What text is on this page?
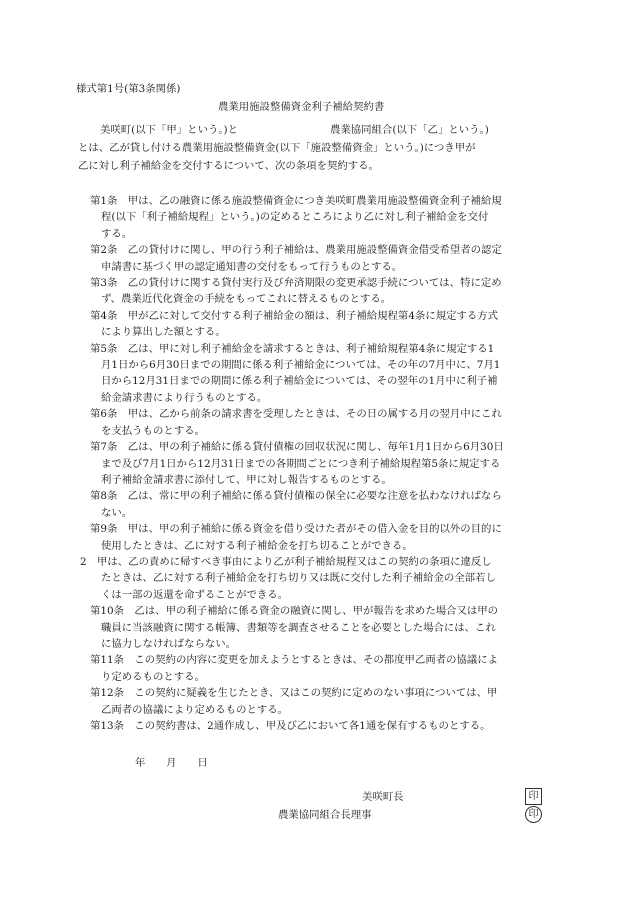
様式第1号(第3条関係)
農業用施設整備資金利子補給契約書
美咲町(以下「甲」という。)と	農業協同組合(以下「乙」という。)
とは、乙が貸し付ける農業用施設整備資金(以下「施設整備資金」という。)につき甲が
乙に対し利子補給金を交付するについて、次の条項を契約する。
第1条　甲は、乙の融資に係る施設整備資金につき美咲町農業用施設整備資金利子補給規
程(以下「利子補給規程」という。)の定めるところにより乙に対し利子補給金を交付
する。
第2条　乙の貸付けに関し、甲の行う利子補給は、農業用施設整備資金借受希望者の認定
申請書に基づく甲の認定通知書の交付をもって行うものとする。
第3条　乙の貸付けに関する貸付実行及び弁済期限の変更承認手続については、特に定め
ず、農業近代化資金の手続をもってこれに替えるものとする。
第4条　甲が乙に対して交付する利子補給金の額は、利子補給規程第4条に規定する方式
により算出した額とする。
第5条　乙は、甲に対し利子補給金を請求するときは、利子補給規程第4条に規定する1
月1日から6月30日までの期間に係る利子補給金については、その年の7月中に、7月1
日から12月31日までの期間に係る利子補給金については、その翌年の1月中に利子補
給金請求書により行うものとする。
第6条　甲は、乙から前条の請求書を受理したときは、その日の属する月の翌月中にこれ
を支払うものとする。
第7条　乙は、甲の利子補給に係る貸付債権の回収状況に関し、毎年1月1日から6月30日
まで及び7月1日から12月31日までの各期間ごとにつき利子補給規程第5条に規定する
利子補給金請求書に添付して、甲に対し報告するものとする。
第8条　乙は、常に甲の利子補給に係る貸付債権の保全に必要な注意を払わなければなら
ない。
第9条　甲は、甲の利子補給に係る資金を借り受けた者がその借入金を目的以外の目的に
使用したときは、乙に対する利子補給金を打ち切ることができる。
2　甲は、乙の責めに帰すべき事由により乙が利子補給規程又はこの契約の条項に違反し
たときは、乙に対する利子補給金を打ち切り又は既に交付した利子補給金の全部若し
くは一部の返還を命ずることができる。
第10条　乙は、甲の利子補給に係る資金の融資に関し、甲が報告を求めた場合又は甲の
職員に当該融資に関する帳簿、書類等を調査させることを必要とした場合には、これ
に協力しなければならない。
第11条　この契約の内容に変更を加えようとするときは、その都度甲乙両者の協議によ
り定めるものとする。
第12条　この契約に疑義を生じたとき、又はこの契約に定めのない事項については、甲
乙両者の協議により定めるものとする。
第13条　この契約書は、2通作成し、甲及び乙において各1通を保有するものとする。
年　　月　　日
美咲町長	印
農業協同組合長理事	印
